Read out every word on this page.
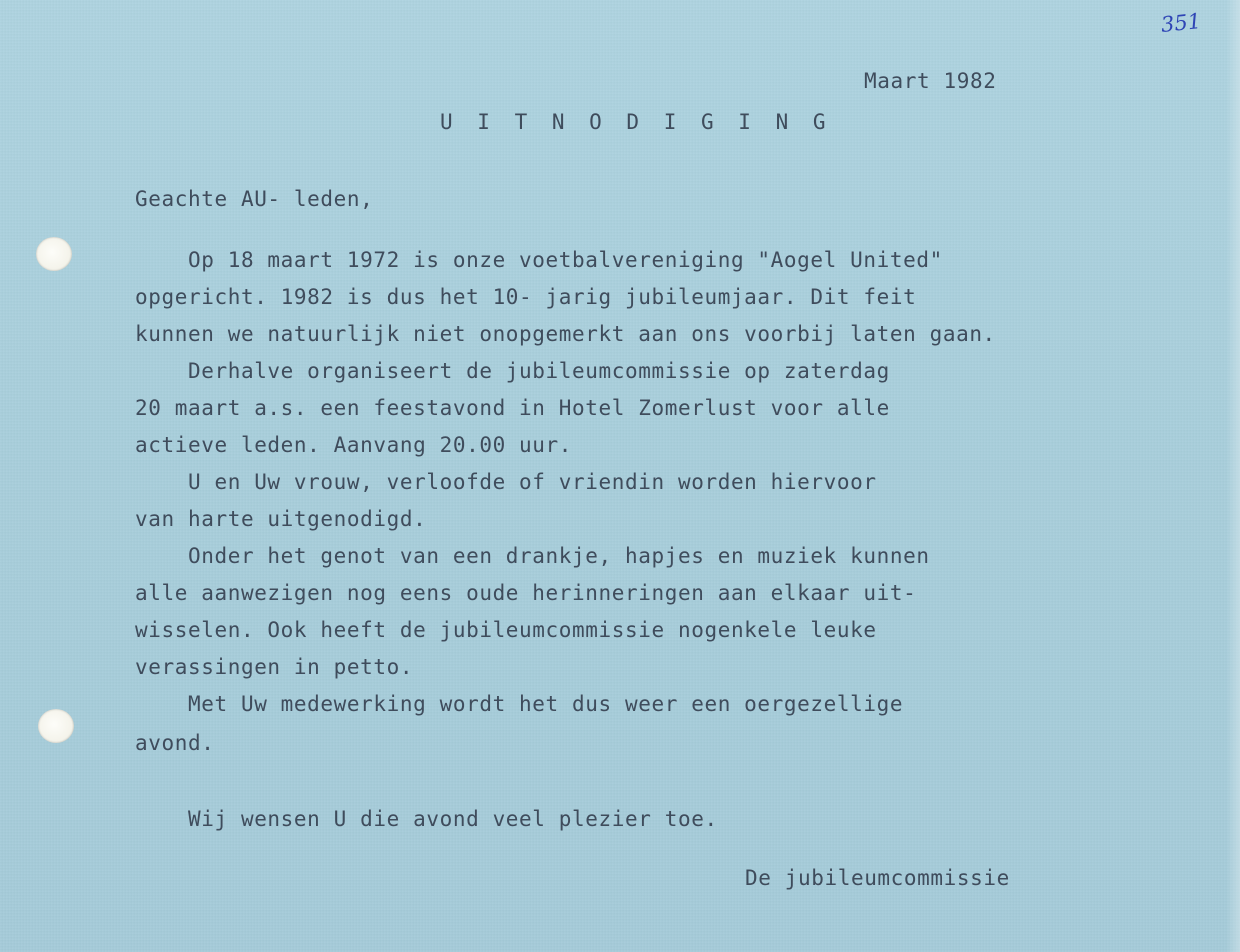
351
Maart 1982
U I T N O D I G I N G
Geachte AU- leden,
Op 18 maart 1972 is onze voetbalvereniging "Aogel United"
opgericht. 1982 is dus het 10- jarig jubileumjaar. Dit feit
kunnen we natuurlijk niet onopgemerkt aan ons voorbij laten gaan.
Derhalve organiseert de jubileumcommissie op zaterdag
20 maart a.s. een feestavond in Hotel Zomerlust voor alle
actieve leden. Aanvang 20.00 uur.
U en Uw vrouw, verloofde of vriendin worden hiervoor
van harte uitgenodigd.
Onder het genot van een drankje, hapjes en muziek kunnen
alle aanwezigen nog eens oude herinneringen aan elkaar uit-
wisselen. Ook heeft de jubileumcommissie nogenkele leuke
verassingen in petto.
Met Uw medewerking wordt het dus weer een oergezellige
avond.
Wij wensen U die avond veel plezier toe.
De jubileumcommissie
